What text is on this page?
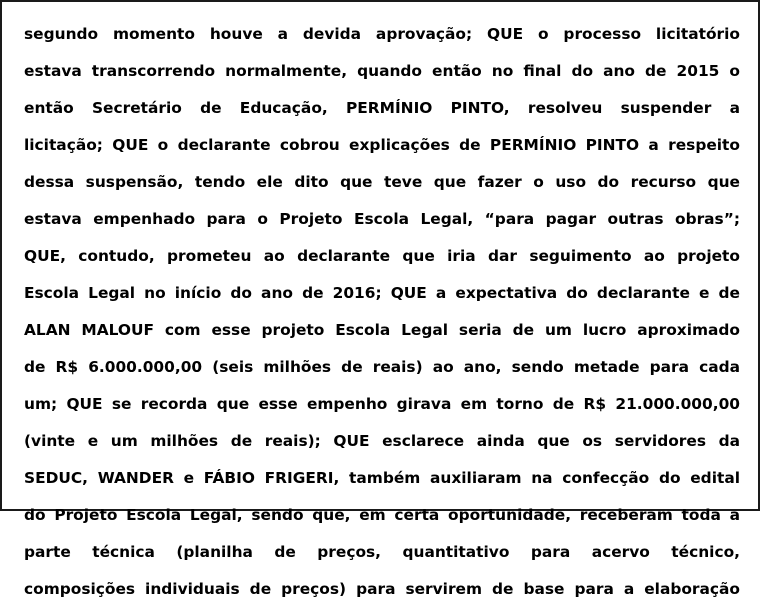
segundo momento houve a devida aprovação; QUE o processo licitatório
estava transcorrendo normalmente, quando então no final do ano de 2015 o
então Secretário de Educação, PERMÍNIO PINTO, resolveu suspender a
licitação; QUE o declarante cobrou explicações de PERMÍNIO PINTO a respeito
dessa suspensão, tendo ele dito que teve que fazer o uso do recurso que
estava empenhado para o Projeto Escola Legal, “para pagar outras obras”;
QUE, contudo, prometeu ao declarante que iria dar seguimento ao projeto
Escola Legal no início do ano de 2016; QUE a expectativa do declarante e de
ALAN MALOUF com esse projeto Escola Legal seria de um lucro aproximado
de R$ 6.000.000,00 (seis milhões de reais) ao ano, sendo metade para cada
um; QUE se recorda que esse empenho girava em torno de R$ 21.000.000,00
(vinte e um milhões de reais); QUE esclarece ainda que os servidores da
SEDUC, WANDER e FÁBIO FRIGERI, também auxiliaram na confecção do edital
do Projeto Escola Legal, sendo que, em certa oportunidade, receberam toda a
parte técnica (planilha de preços, quantitativo para acervo técnico,
composições individuais de preços) para servirem de base para a elaboração
